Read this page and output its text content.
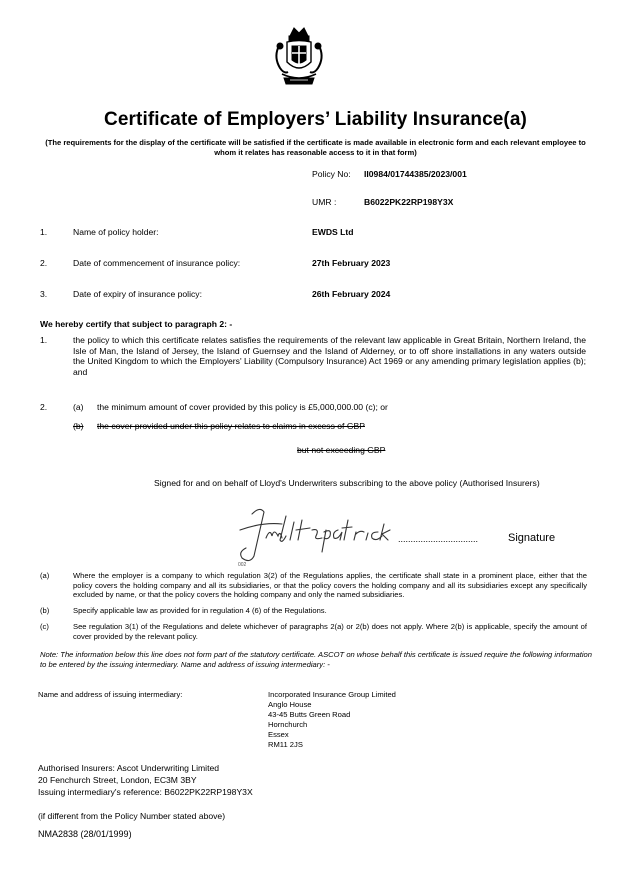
Certificate of Employers’ Liability Insurance(a)
(The requirements for the display of the certificate will be satisfied if the certificate is made available in electronic form and each relevant employee to whom it relates has reasonable access to it in that form)
Policy No: II0984/01744385/2023/001
UMR :	B6022PK22RP198Y3X
1.	Name of policy holder:	EWDS Ltd
2.	Date of commencement of insurance policy:	27th February 2023
3.	Date of expiry of insurance policy:	26th February 2024
We hereby certify that subject to paragraph 2: -
1.	the policy to which this certificate relates satisfies the requirements of the relevant law applicable in Great Britain, Northern Ireland, the Isle of Man, the Island of Jersey, the Island of Guernsey and the Island of Alderney, or to off shore installations in any waters outside the United Kingdom to which the Employers' Liability (Compulsory Insurance) Act 1969 or any amending primary legislation applies (b); and
2.	(a) the minimum amount of cover provided by this policy is £5,000,000.00 (c); or
(b) the cover provided under this policy relates to claims in excess of GBP
but not exceeding GBP
Signed for and on behalf of Lloyd's Underwriters subscribing to the above policy (Authorised Insurers)
002
................................	Signature
(a)	Where the employer is a company to which regulation 3(2) of the Regulations applies, the certificate shall state in a prominent place, either that the policy covers the holding company and all its subsidiaries, or that the policy covers the holding company and all its subsidiaries except any specifically excluded by name, or that the policy covers the holding company and only the named subsidiaries.
(b)	Specify applicable law as provided for in regulation 4 (6) of the Regulations.
(c)	See regulation 3(1) of the Regulations and delete whichever of paragraphs 2(a) or 2(b) does not apply. Where 2(b) is applicable, specify the amount of cover provided by the relevant policy.
Note: The information below this line does not form part of the statutory certificate. ASCOT on whose behalf this certificate is issued require the following information to be entered by the issuing intermediary. Name and address of issuing intermediary: -
Name and address of issuing intermediary:	Incorporated Insurance Group Limited
Anglo House
43-45 Butts Green Road
Hornchurch
Essex
RM11 2JS
Authorised Insurers: Ascot Underwriting Limited
20 Fenchurch Street, London, EC3M 3BY
Issuing intermediary's reference: B6022PK22RP198Y3X
(if different from the Policy Number stated above)
NMA2838 (28/01/1999)
